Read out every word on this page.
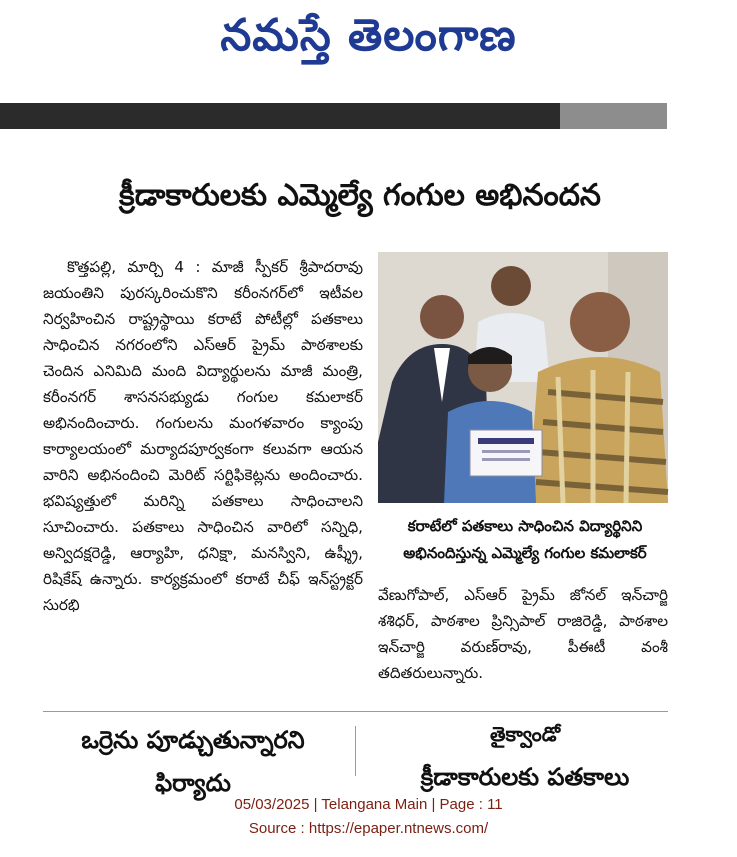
నమస్తే తెలంగాణ
క్రీడాకారులకు ఎమ్మెల్యే గంగుల అభినందన

కొత్తపల్లి, మార్చి 4 : మాజీ స్పీకర్ శ్రీపాదరావు జయంతిని పురస్కరించుకొని కరీంనగర్‌లో ఇటీవల నిర్వహించిన రాష్ట్రస్థాయి కరాటే పోటీల్లో పతకాలు సాధించిన నగరంలోని ఎస్ఆర్ ప్రైమ్ పాఠశాలకు చెందిన ఎనిమిది మంది విద్యార్థులను మాజీ మంత్రి, కరీంనగర్ శాసనసభ్యుడు గంగుల కమలాకర్ అభినందించారు. గంగులను మంగళవారం క్యాంపు కార్యాలయంలో మర్యాదపూర్వకంగా కలువగా ఆయన వారిని అభినందించి మెరిట్ సర్టిఫికెట్లను అందించారు. భవిష్యత్తులో మరిన్ని పతకాలు సాధించాలని సూచించారు. పతకాలు సాధించిన వారిలో సన్నిధి, అన్విదక్షరెడ్డి, ఆర్యాహి, ధనిక్షా, మనస్విని, ఉష్శ్రీ, రిషికేష్ ఉన్నారు. కార్యక్రమంలో కరాటే చీఫ్ ఇన్‌స్ట్రక్టర్ సురభి

కరాటేలో పతకాలు సాధించిన విద్యార్థినిని అభినందిస్తున్న ఎమ్మెల్యే గంగుల కమలాకర్

వేణుగోపాల్, ఎస్ఆర్ ప్రైమ్ జోనల్ ఇన్‌చార్జి శశిధర్, పాఠశాల ప్రిన్సిపాల్ రాజిరెడ్డి, పాఠశాల ఇన్‌చార్జి వరుణ్‌రావు, పీఈటీ వంశీ తదితరులున్నారు.

ఒర్రెను పూడ్చుతున్నారని
ఫిర్యాదు
తైక్వాండో
క్రీడాకారులకు పతకాలు
05/03/2025 | Telangana Main | Page : 11
Source : https://epaper.ntnews.com/
